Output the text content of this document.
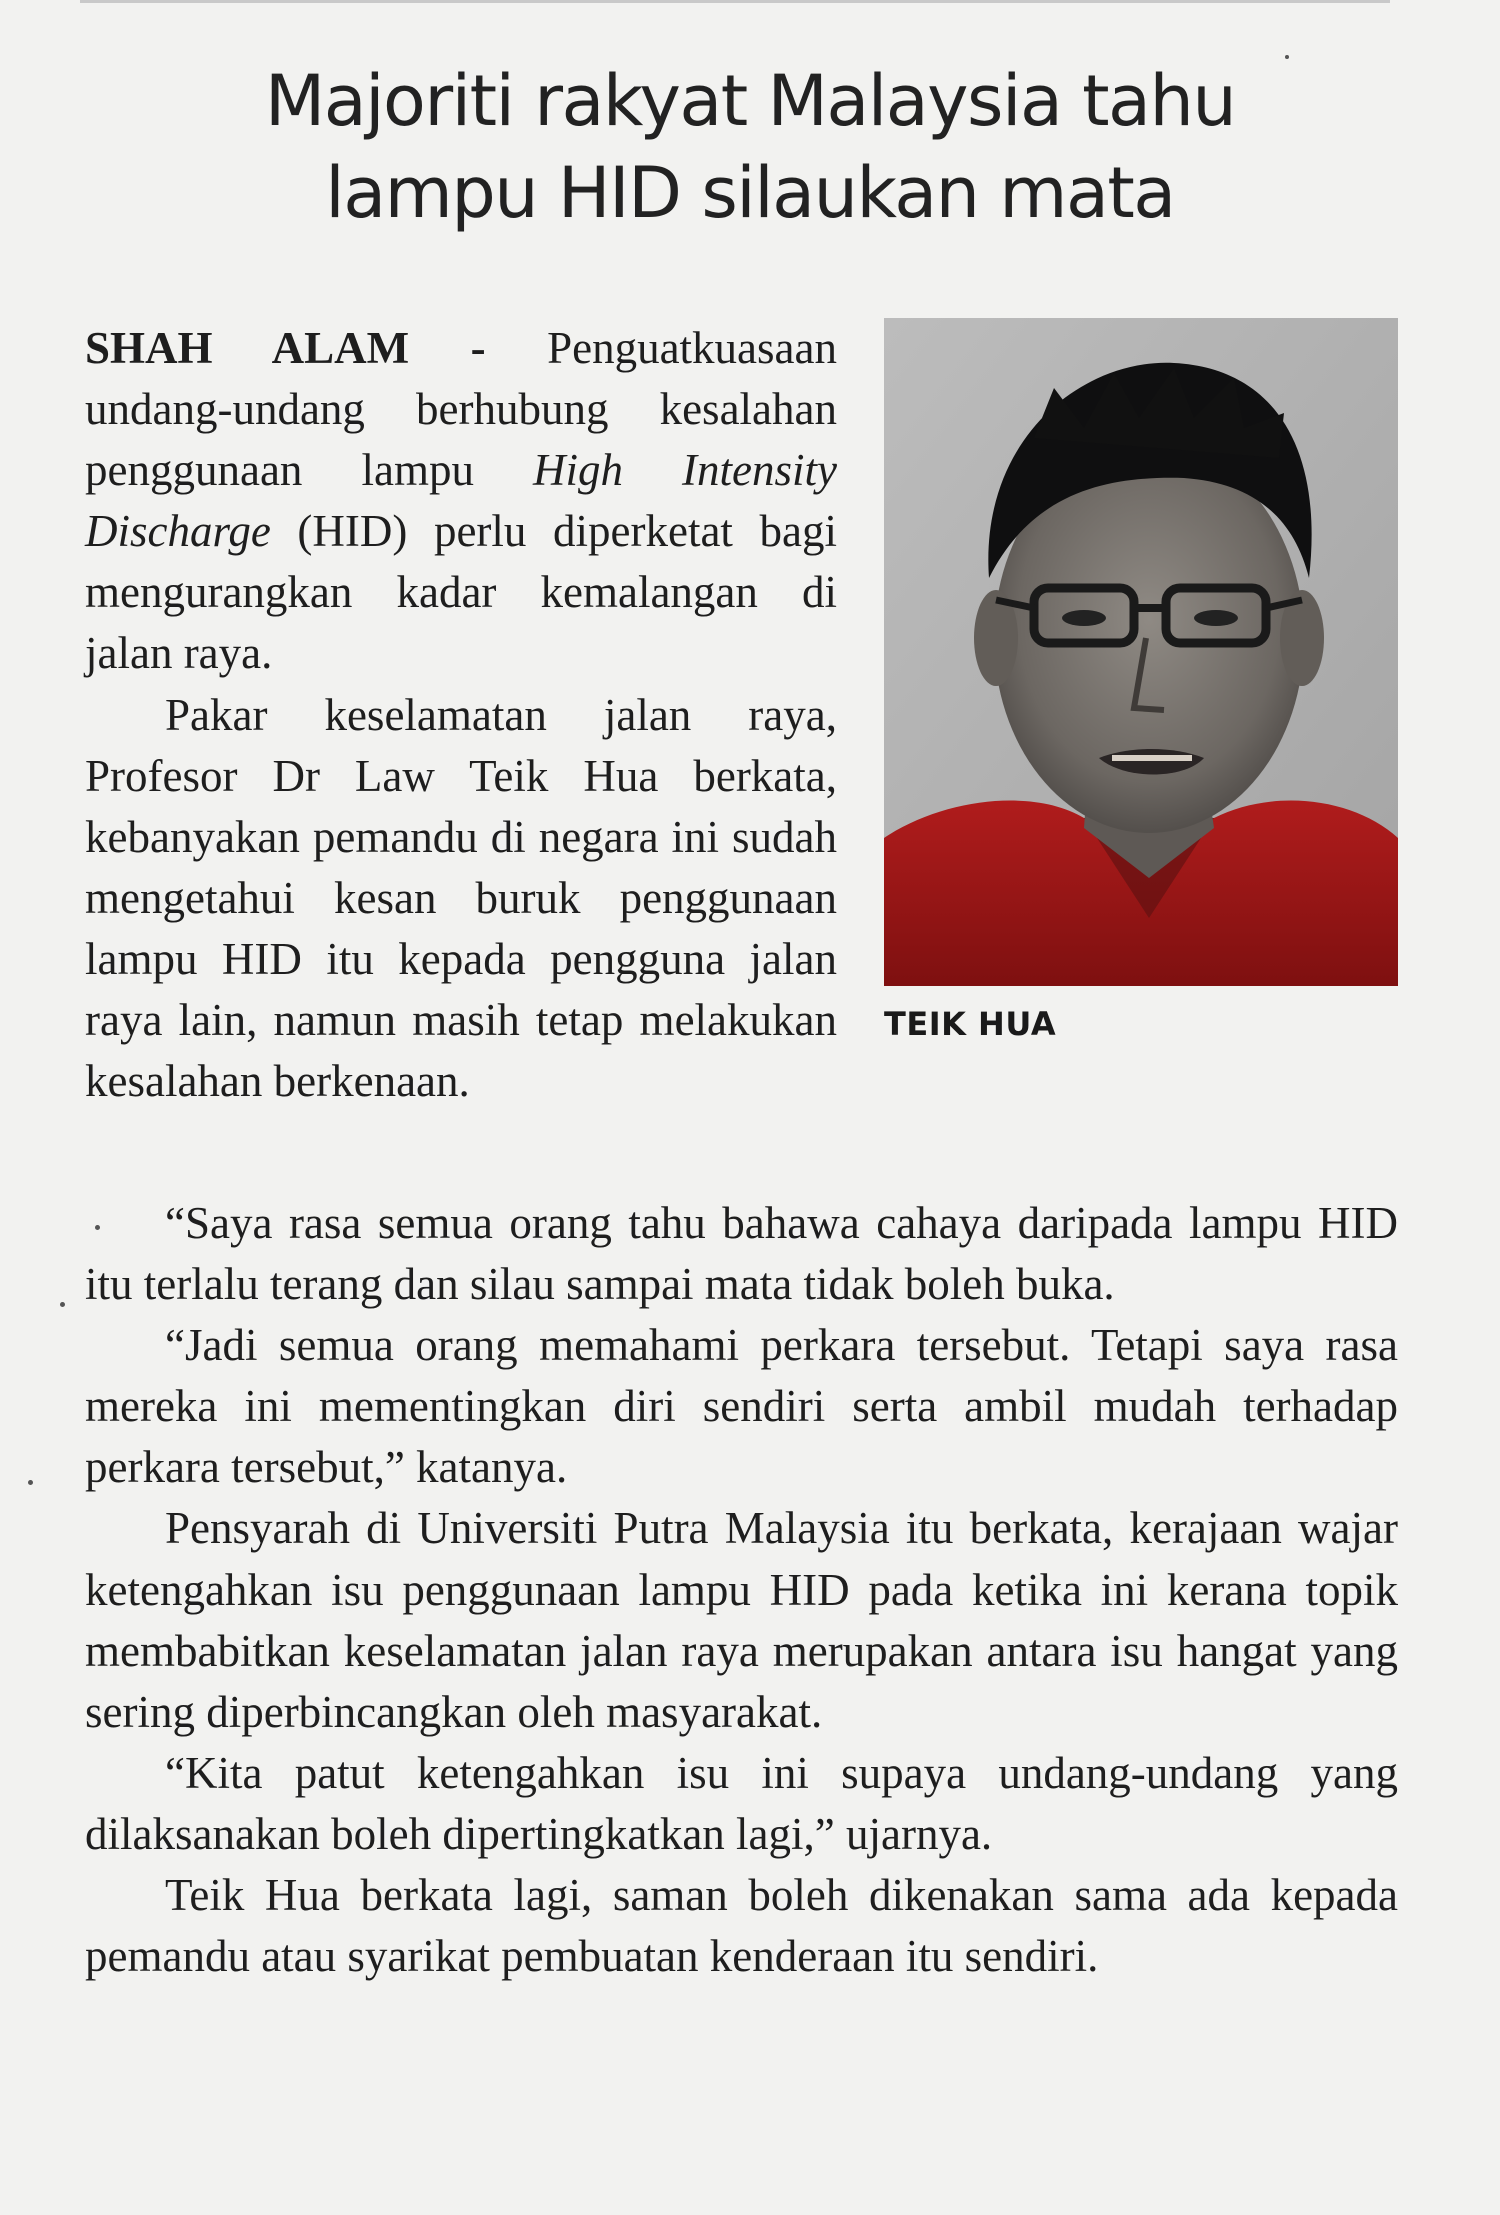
Majoriti rakyat Malaysia tahu
lampu HID silaukan mata
TEIK HUA

SHAH ALAM - Penguatkuasaan undang-undang berhubung kesalahan penggunaan lampu High Intensity Discharge (HID) perlu diperketat bagi mengurangkan kadar kemalangan di jalan raya.

Pakar keselamatan jalan raya, Profesor Dr Law Teik Hua berkata, kebanyakan pemandu di negara ini sudah mengetahui kesan buruk penggunaan lampu HID itu kepada pengguna jalan raya lain, namun masih tetap melakukan kesalahan berkenaan.

“Saya rasa semua orang tahu bahawa cahaya daripada lampu HID itu terlalu terang dan silau sampai mata tidak boleh buka.

“Jadi semua orang memahami perkara tersebut. Tetapi saya rasa mereka ini mementingkan diri sendiri serta ambil mudah terhadap perkara tersebut,” katanya.

Pensyarah di Universiti Putra Malaysia itu berkata, kerajaan wajar ketengahkan isu penggunaan lampu HID pada ketika ini kerana topik membabitkan keselamatan jalan raya merupakan antara isu hangat yang sering diperbincangkan oleh masyarakat.

“Kita patut ketengahkan isu ini supaya undang-undang yang dilaksanakan boleh dipertingkatkan lagi,” ujarnya.

Teik Hua berkata lagi, saman boleh dikenakan sama ada kepada pemandu atau syarikat pembuatan kenderaan itu sendiri.
